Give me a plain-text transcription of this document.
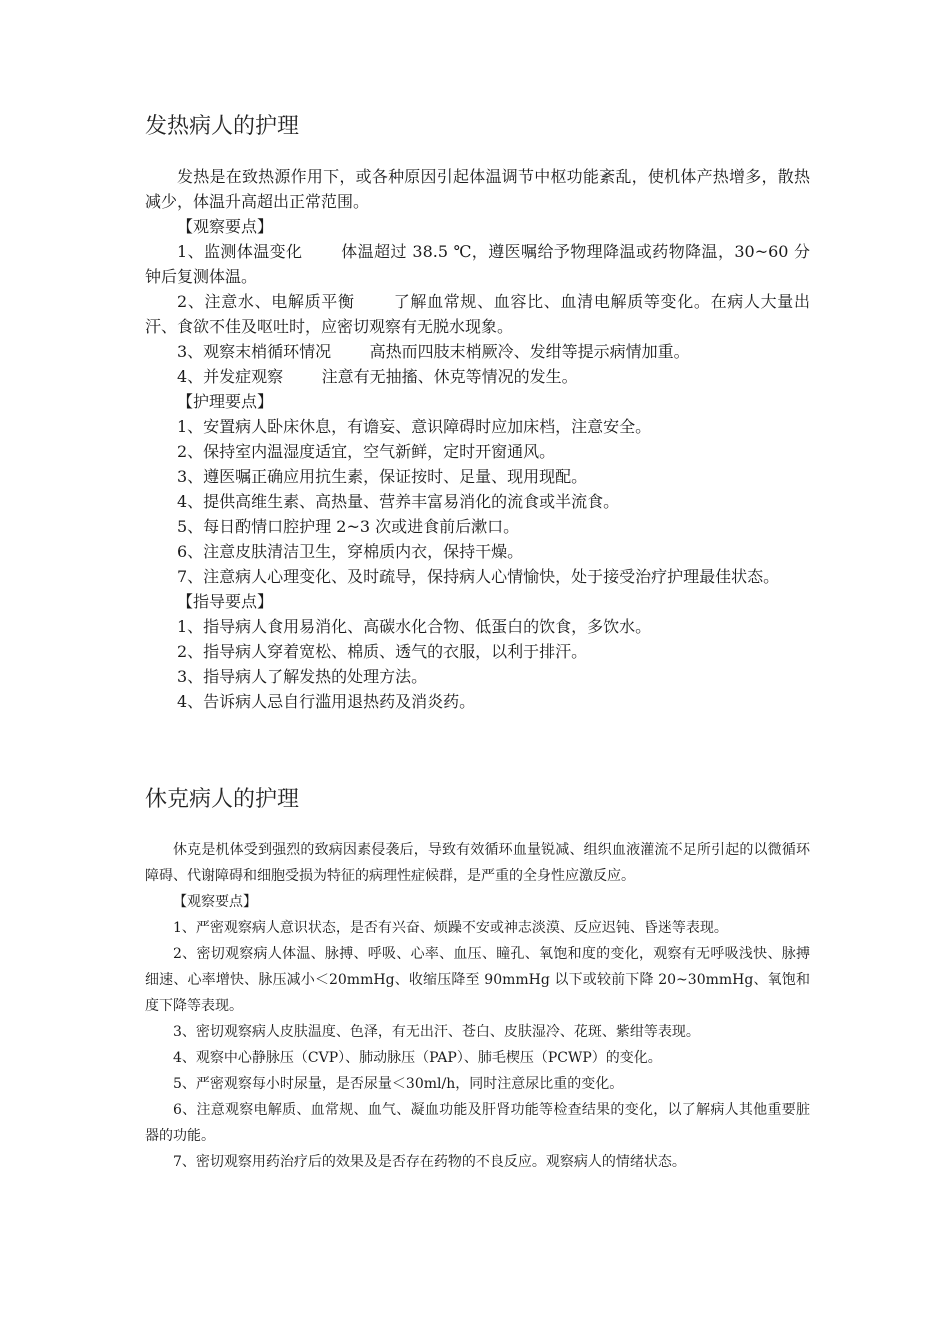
发热病人的护理

发热是在致热源作用下，或各种原因引起体温调节中枢功能紊乱，使机体产热增多，散热减少，体温升高超出正常范围。

【观察要点】

1、监测体温变化 体温超过 38.5 ℃，遵医嘱给予物理降温或药物降温，30~60 分钟后复测体温。

2、注意水、电解质平衡 了解血常规、血容比、血清电解质等变化。在病人大量出汗、食欲不佳及呕吐时，应密切观察有无脱水现象。

3、观察末梢循环情况 高热而四肢末梢厥冷、发绀等提示病情加重。

4、并发症观察 注意有无抽搐、休克等情况的发生。

【护理要点】

1、安置病人卧床休息，有谵妄、意识障碍时应加床档，注意安全。

2、保持室内温湿度适宜，空气新鲜，定时开窗通风。

3、遵医嘱正确应用抗生素，保证按时、足量、现用现配。

4、提供高维生素、高热量、营养丰富易消化的流食或半流食。

5、每日酌情口腔护理 2~3 次或进食前后漱口。

6、注意皮肤清洁卫生，穿棉质内衣，保持干燥。

7、注意病人心理变化、及时疏导，保持病人心情愉快，处于接受治疗护理最佳状态。

【指导要点】

1、指导病人食用易消化、高碳水化合物、低蛋白的饮食，多饮水。

2、指导病人穿着宽松、棉质、透气的衣服，以利于排汗。

3、指导病人了解发热的处理方法。

4、告诉病人忌自行滥用退热药及消炎药。

休克病人的护理

休克是机体受到强烈的致病因素侵袭后，导致有效循环血量锐减、组织血液灌流不足所引起的以微循环障碍、代谢障碍和细胞受损为特征的病理性症候群，是严重的全身性应激反应。

【观察要点】

1、严密观察病人意识状态，是否有兴奋、烦躁不安或神志淡漠、反应迟钝、昏迷等表现。

2、密切观察病人体温、脉搏、呼吸、心率、血压、瞳孔、氧饱和度的变化，观察有无呼吸浅快、脉搏细速、心率增快、脉压减小＜20mmHg、收缩压降至 90mmHg 以下或较前下降 20~30mmHg、氧饱和度下降等表现。

3、密切观察病人皮肤温度、色泽，有无出汗、苍白、皮肤湿冷、花斑、紫绀等表现。

4、观察中心静脉压（CVP）、肺动脉压（PAP）、肺毛楔压（PCWP）的变化。

5、严密观察每小时尿量，是否尿量＜30ml/h，同时注意尿比重的变化。

6、注意观察电解质、血常规、血气、凝血功能及肝肾功能等检查结果的变化，以了解病人其他重要脏器的功能。

7、密切观察用药治疗后的效果及是否存在药物的不良反应。观察病人的情绪状态。
